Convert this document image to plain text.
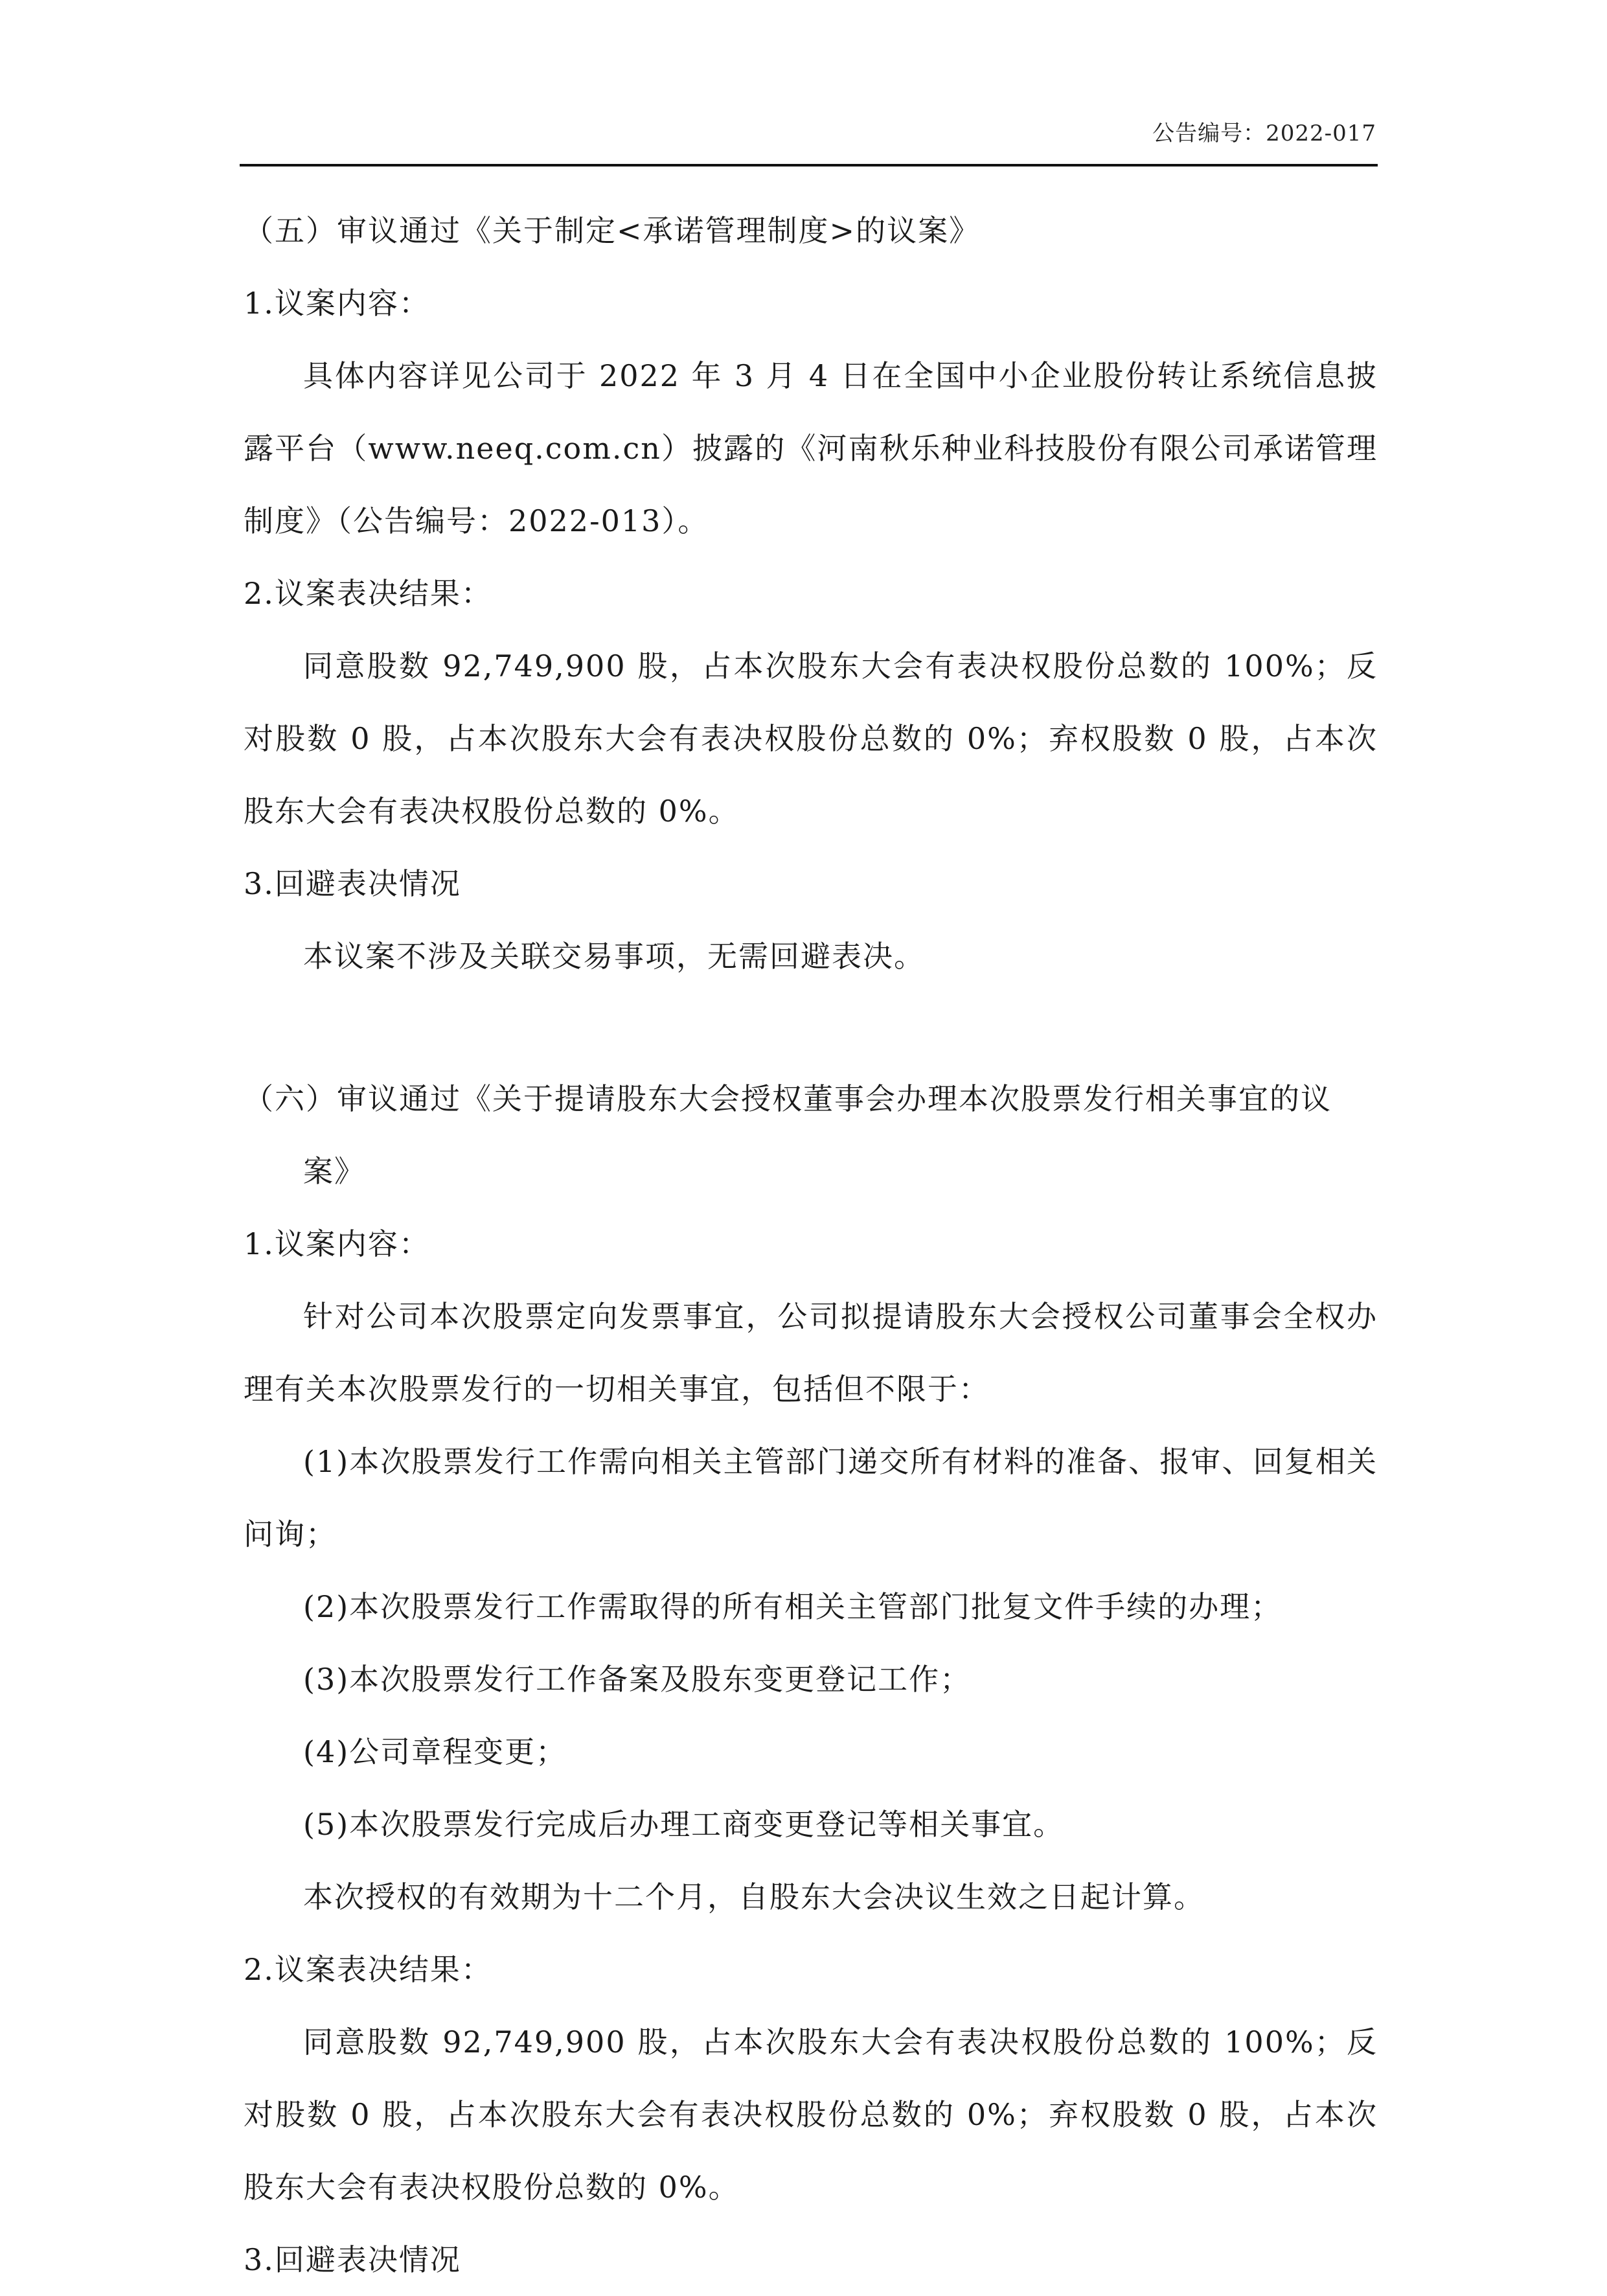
公告编号：2022-017

（五）审议通过《关于制定<承诺管理制度>的议案》

1.议案内容：

具体内容详见公司于 2022 年 3 月 4 日在全国中小企业股份转让系统信息披露平台（www.neeq.com.cn）披露的《河南秋乐种业科技股份有限公司承诺管理制度》（公告编号：2022-013）。

2.议案表决结果：

同意股数 92,749,900 股，占本次股东大会有表决权股份总数的 100%；反对股数 0 股，占本次股东大会有表决权股份总数的 0%；弃权股数 0 股，占本次股东大会有表决权股份总数的 0%。

3.回避表决情况

本议案不涉及关联交易事项，无需回避表决。

（六）审议通过《关于提请股东大会授权董事会办理本次股票发行相关事宜的议案》

1.议案内容：

针对公司本次股票定向发票事宜，公司拟提请股东大会授权公司董事会全权办理有关本次股票发行的一切相关事宜，包括但不限于：

(1)本次股票发行工作需向相关主管部门递交所有材料的准备、报审、回复相关问询；

(2)本次股票发行工作需取得的所有相关主管部门批复文件手续的办理；

(3)本次股票发行工作备案及股东变更登记工作；

(4)公司章程变更；

(5)本次股票发行完成后办理工商变更登记等相关事宜。

本次授权的有效期为十二个月，自股东大会决议生效之日起计算。

2.议案表决结果：

同意股数 92,749,900 股，占本次股东大会有表决权股份总数的 100%；反对股数 0 股，占本次股东大会有表决权股份总数的 0%；弃权股数 0 股，占本次股东大会有表决权股份总数的 0%。

3.回避表决情况
